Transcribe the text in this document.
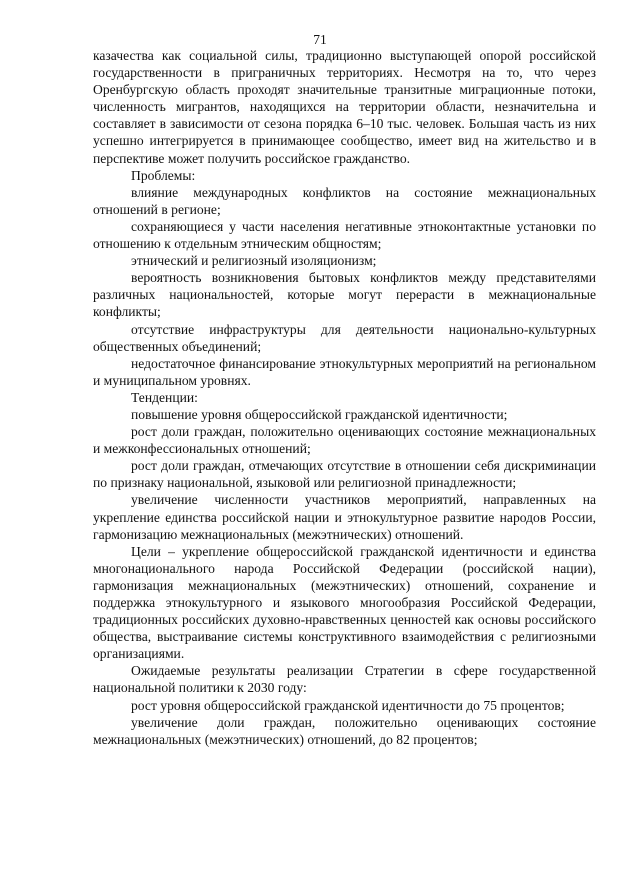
71

казачества как социальной силы, традиционно выступающей опорой российской государственности в приграничных территориях. Несмотря на то, что через Оренбургскую область проходят значительные транзитные миграционные потоки, численность мигрантов, находящихся на территории области, незначительна и составляет в зависимости от сезона порядка 6–10 тыс. человек. Большая часть из них успешно интегрируется в принимающее сообщество, имеет вид на жительство и в перспективе может получить российское гражданство.

Проблемы:

влияние международных конфликтов на состояние межнациональных отношений в регионе;

сохраняющиеся у части населения негативные этноконтактные установки по отношению к отдельным этническим общностям;

этнический и религиозный изоляционизм;

вероятность возникновения бытовых конфликтов между представителями различных национальностей, которые могут перерасти в межнациональные конфликты;

отсутствие инфраструктуры для деятельности национально-культурных общественных объединений;

недостаточное финансирование этнокультурных мероприятий на региональном и муниципальном уровнях.

Тенденции:

повышение уровня общероссийской гражданской идентичности;

рост доли граждан, положительно оценивающих состояние межнациональных и межконфессиональных отношений;

рост доли граждан, отмечающих отсутствие в отношении себя дискриминации по признаку национальной, языковой или религиозной принадлежности;

увеличение численности участников мероприятий, направленных на укрепление единства российской нации и этнокультурное развитие народов России, гармонизацию межнациональных (межэтнических) отношений.

Цели – укрепление общероссийской гражданской идентичности и единства многонационального народа Российской Федерации (российской нации), гармонизация межнациональных (межэтнических) отношений, сохранение и поддержка этнокультурного и языкового многообразия Российской Федерации, традиционных российских духовно-нравственных ценностей как основы российского общества, выстраивание системы конструктивного взаимодействия с религиозными организациями.

Ожидаемые результаты реализации Стратегии в сфере государственной национальной политики к 2030 году:

рост уровня общероссийской гражданской идентичности до 75 процентов;

увеличение доли граждан, положительно оценивающих состояние межнациональных (межэтнических) отношений, до 82 процентов;
